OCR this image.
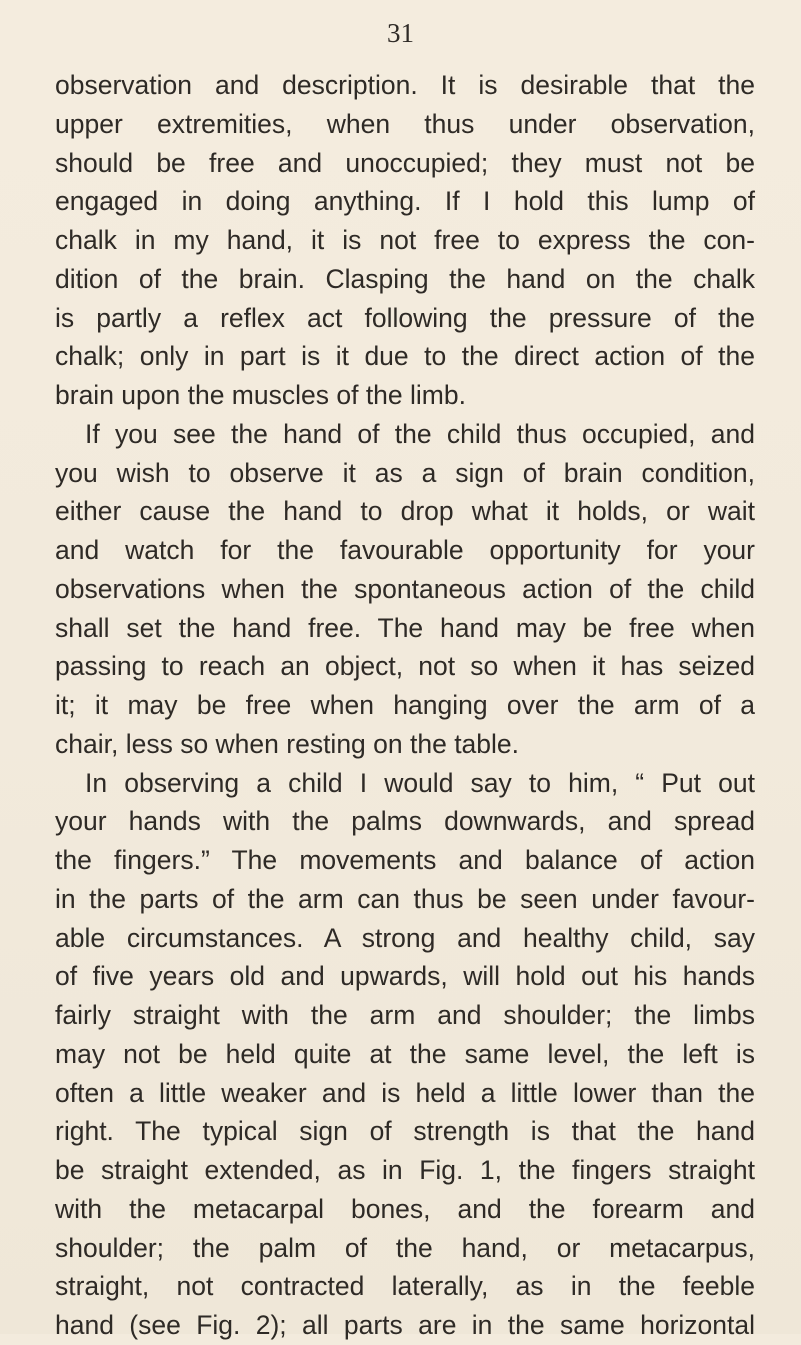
31
observation and description. It is desirable that the
upper extremities, when thus under observation,
should be free and unoccupied; they must not be
engaged in doing anything. If I hold this lump of
chalk in my hand, it is not free to express the con-
dition of the brain. Clasping the hand on the chalk
is partly a reflex act following the pressure of the
chalk; only in part is it due to the direct action of the
brain upon the muscles of the limb.
If you see the hand of the child thus occupied, and
you wish to observe it as a sign of brain condition,
either cause the hand to drop what it holds, or wait
and watch for the favourable opportunity for your
observations when the spontaneous action of the child
shall set the hand free. The hand may be free when
passing to reach an object, not so when it has seized
it; it may be free when hanging over the arm of a
chair, less so when resting on the table.
In observing a child I would say to him, “ Put out
your hands with the palms downwards, and spread
the fingers.” The movements and balance of action
in the parts of the arm can thus be seen under favour-
able circumstances. A strong and healthy child, say
of five years old and upwards, will hold out his hands
fairly straight with the arm and shoulder; the limbs
may not be held quite at the same level, the left is
often a little weaker and is held a little lower than the
right. The typical sign of strength is that the hand
be straight extended, as in Fig. 1, the fingers straight
with the metacarpal bones, and the forearm and
shoulder; the palm of the hand, or metacarpus,
straight, not contracted laterally, as in the feeble
hand (see Fig. 2); all parts are in the same horizontal
